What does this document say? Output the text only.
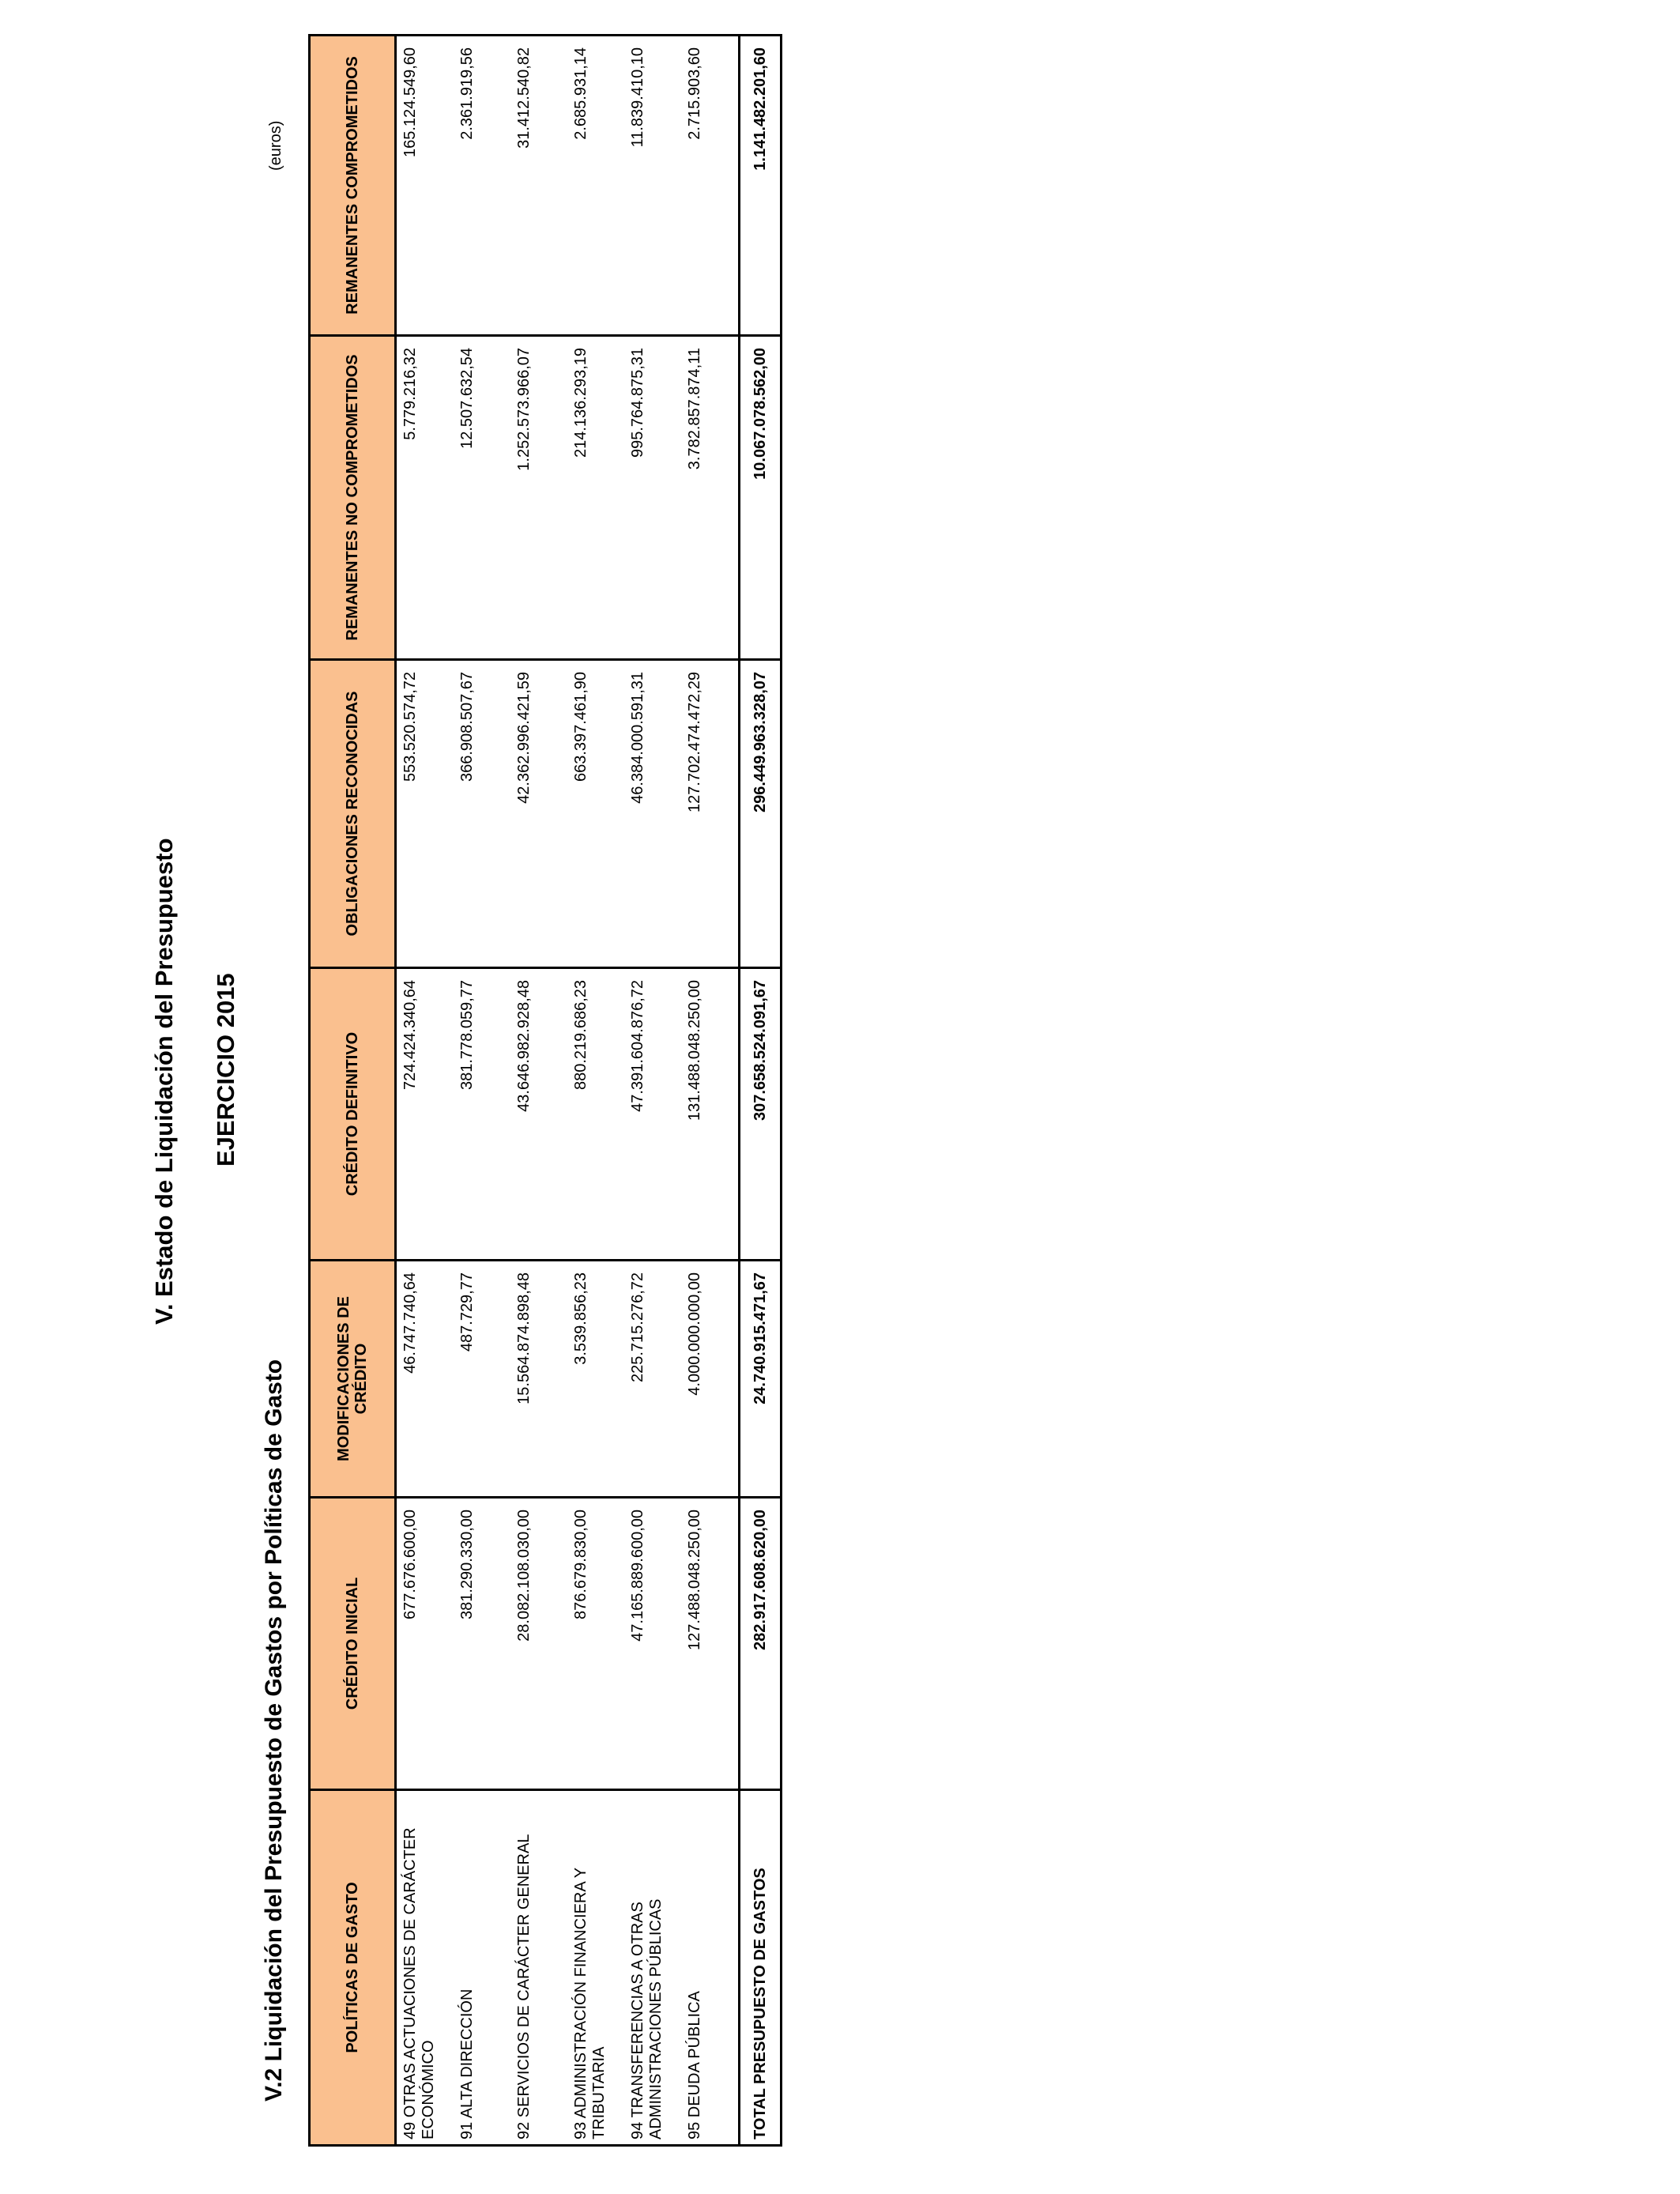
V. Estado de Liquidación del Presupuesto EJERCICIO 2015
V.2 Liquidación del Presupuesto de Gastos por Políticas de Gasto
(euros)
POLÍTICAS DE GASTO	CRÉDITO INICIAL	MODIFICACIONES DE CRÉDITO	CRÉDITO DEFINITIVO	OBLIGACIONES RECONOCIDAS	REMANENTES NO COMPROMETIDOS	REMANENTES COMPROMETIDOS
49 OTRAS ACTUACIONES DE CARÁCTER ECONÓMICO	677.676.600,00	46.747.740,64	724.424.340,64	553.520.574,72	5.779.216,32	165.124.549,60
91 ALTA DIRECCIÓN	381.290.330,00	487.729,77	381.778.059,77	366.908.507,67	12.507.632,54	2.361.919,56
92 SERVICIOS DE CARÁCTER GENERAL	28.082.108.030,00	15.564.874.898,48	43.646.982.928,48	42.362.996.421,59	1.252.573.966,07	31.412.540,82
93 ADMINISTRACIÓN FINANCIERA Y TRIBUTARIA	876.679.830,00	3.539.856,23	880.219.686,23	663.397.461,90	214.136.293,19	2.685.931,14
94 TRANSFERENCIAS A OTRAS ADMINISTRACIONES PÚBLICAS	47.165.889.600,00	225.715.276,72	47.391.604.876,72	46.384.000.591,31	995.764.875,31	11.839.410,10
95 DEUDA PÚBLICA	127.488.048.250,00	4.000.000.000,00	131.488.048.250,00	127.702.474.472,29	3.782.857.874,11	2.715.903,60
TOTAL PRESUPUESTO DE GASTOS	282.917.608.620,00	24.740.915.471,67	307.658.524.091,67	296.449.963.328,07	10.067.078.562,00	1.141.482.201,60
